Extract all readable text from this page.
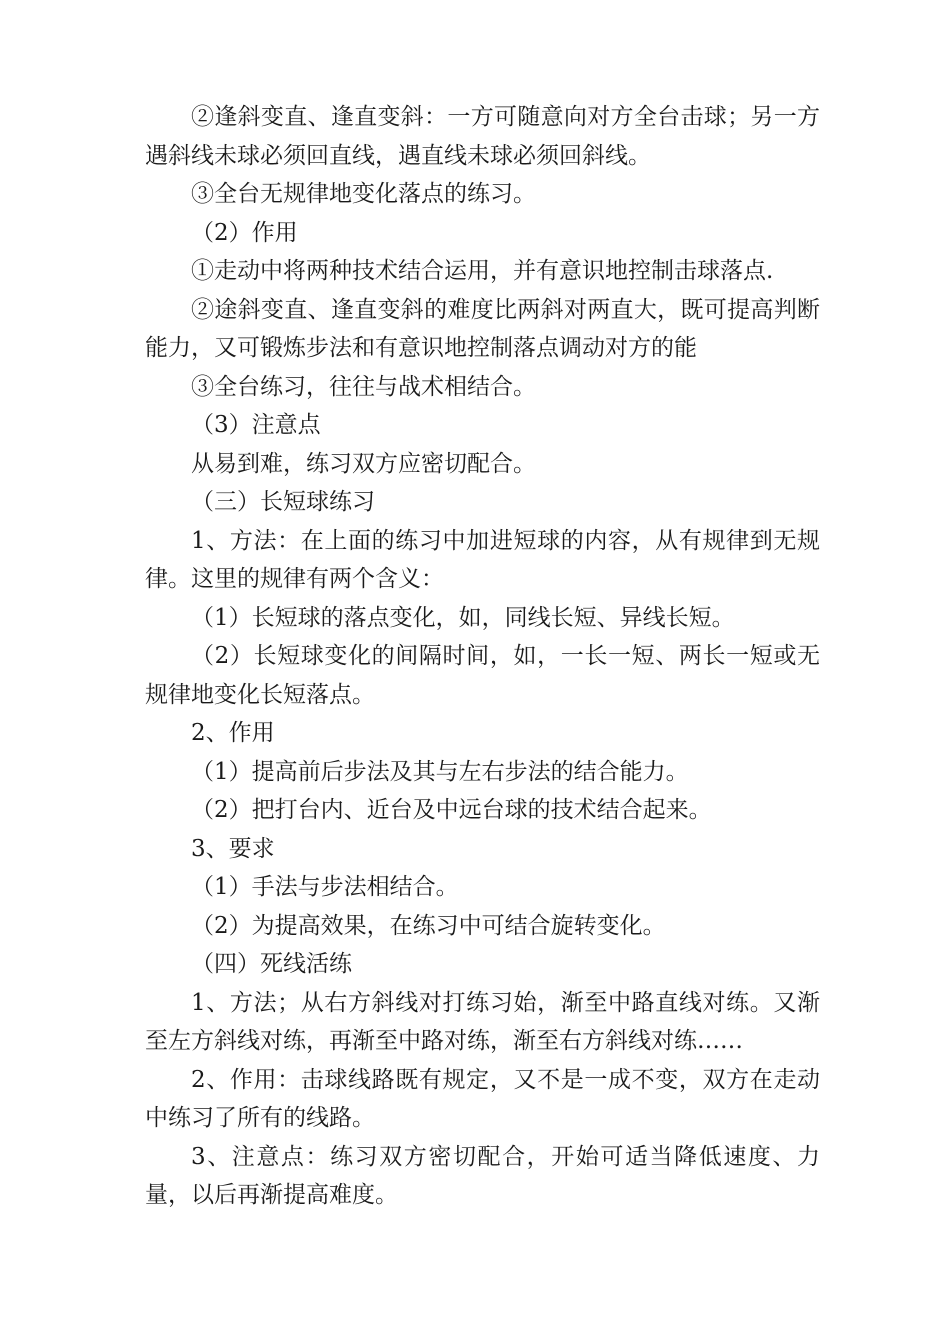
②逢斜变直、逢直变斜：一方可随意向对方全台击球；另一方遇斜线未球必须回直线，遇直线未球必须回斜线。

③全台无规律地变化落点的练习。

（2）作用

①走动中将两种技术结合运用，并有意识地控制击球落点.

②途斜变直、逢直变斜的难度比两斜对两直大，既可提高判断能力，又可锻炼步法和有意识地控制落点调动对方的能

③全台练习，往往与战术相结合。

（3）注意点

从易到难，练习双方应密切配合。

（三）长短球练习

1、方法：在上面的练习中加进短球的内容，从有规律到无规律。这里的规律有两个含义：

（1）长短球的落点变化，如，同线长短、异线长短。

（2）长短球变化的间隔时间，如，一长一短、两长一短或无规律地变化长短落点。

2、作用

（1）提高前后步法及其与左右步法的结合能力。

（2）把打台内、近台及中远台球的技术结合起来。

3、要求

（1）手法与步法相结合。

（2）为提高效果，在练习中可结合旋转变化。

（四）死线活练

1、方法；从右方斜线对打练习始，渐至中路直线对练。又渐至左方斜线对练，再渐至中路对练，渐至右方斜线对练……

2、作用：击球线路既有规定，又不是一成不变，双方在走动中练习了所有的线路。

3、注意点：练习双方密切配合，开始可适当降低速度、力量，以后再渐提高难度。
